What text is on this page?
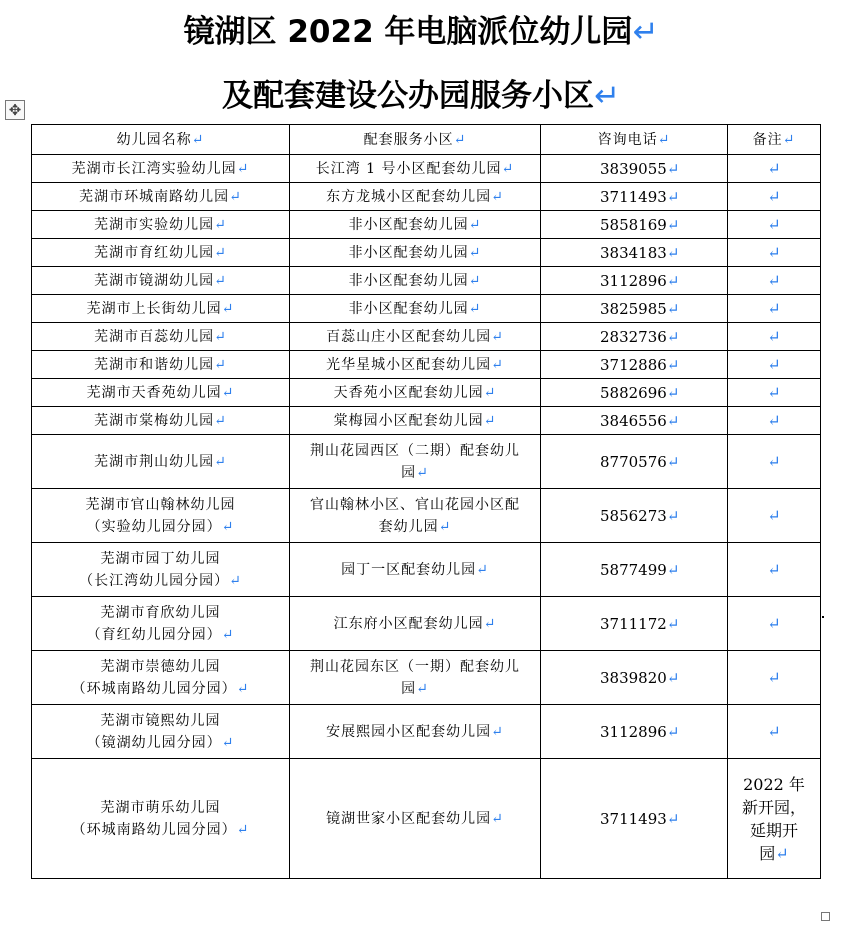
镜湖区 2022 年电脑派位幼儿园↵
及配套建设公办园服务小区↵
✥
幼儿园名称↵	配套服务小区↵	咨询电话↵	备注↵
芜湖市长江湾实验幼儿园↵	长江湾 1 号小区配套幼儿园↵	3839055↵	↵
芜湖市环城南路幼儿园↵	东方龙城小区配套幼儿园↵	3711493↵	↵
芜湖市实验幼儿园↵	非小区配套幼儿园↵	5858169↵	↵
芜湖市育红幼儿园↵	非小区配套幼儿园↵	3834183↵	↵
芜湖市镜湖幼儿园↵	非小区配套幼儿园↵	3112896↵	↵
芜湖市上长街幼儿园↵	非小区配套幼儿园↵	3825985↵	↵
芜湖市百蕊幼儿园↵	百蕊山庄小区配套幼儿园↵	2832736↵	↵
芜湖市和谐幼儿园↵	光华星城小区配套幼儿园↵	3712886↵	↵
芜湖市天香苑幼儿园↵	天香苑小区配套幼儿园↵	5882696↵	↵
芜湖市棠梅幼儿园↵	棠梅园小区配套幼儿园↵	3846556↵	↵
芜湖市荆山幼儿园↵	荆山花园西区（二期）配套幼儿
园↵	8770576↵	↵
芜湖市官山翰林幼儿园
（实验幼儿园分园）↵	官山翰林小区、官山花园小区配
套幼儿园↵	5856273↵	↵
芜湖市园丁幼儿园
（长江湾幼儿园分园）↵	园丁一区配套幼儿园↵	5877499↵	↵
芜湖市育欣幼儿园
（育红幼儿园分园）↵	江东府小区配套幼儿园↵	3711172↵	↵
芜湖市崇德幼儿园
（环城南路幼儿园分园）↵	荆山花园东区（一期）配套幼儿
园↵	3839820↵	↵
芜湖市镜熙幼儿园
（镜湖幼儿园分园）↵	安展熙园小区配套幼儿园↵	3112896↵	↵
芜湖市萌乐幼儿园
（环城南路幼儿园分园）↵	镜湖世家小区配套幼儿园↵	3711493↵	2022 年
新开园，
延期开
园↵
